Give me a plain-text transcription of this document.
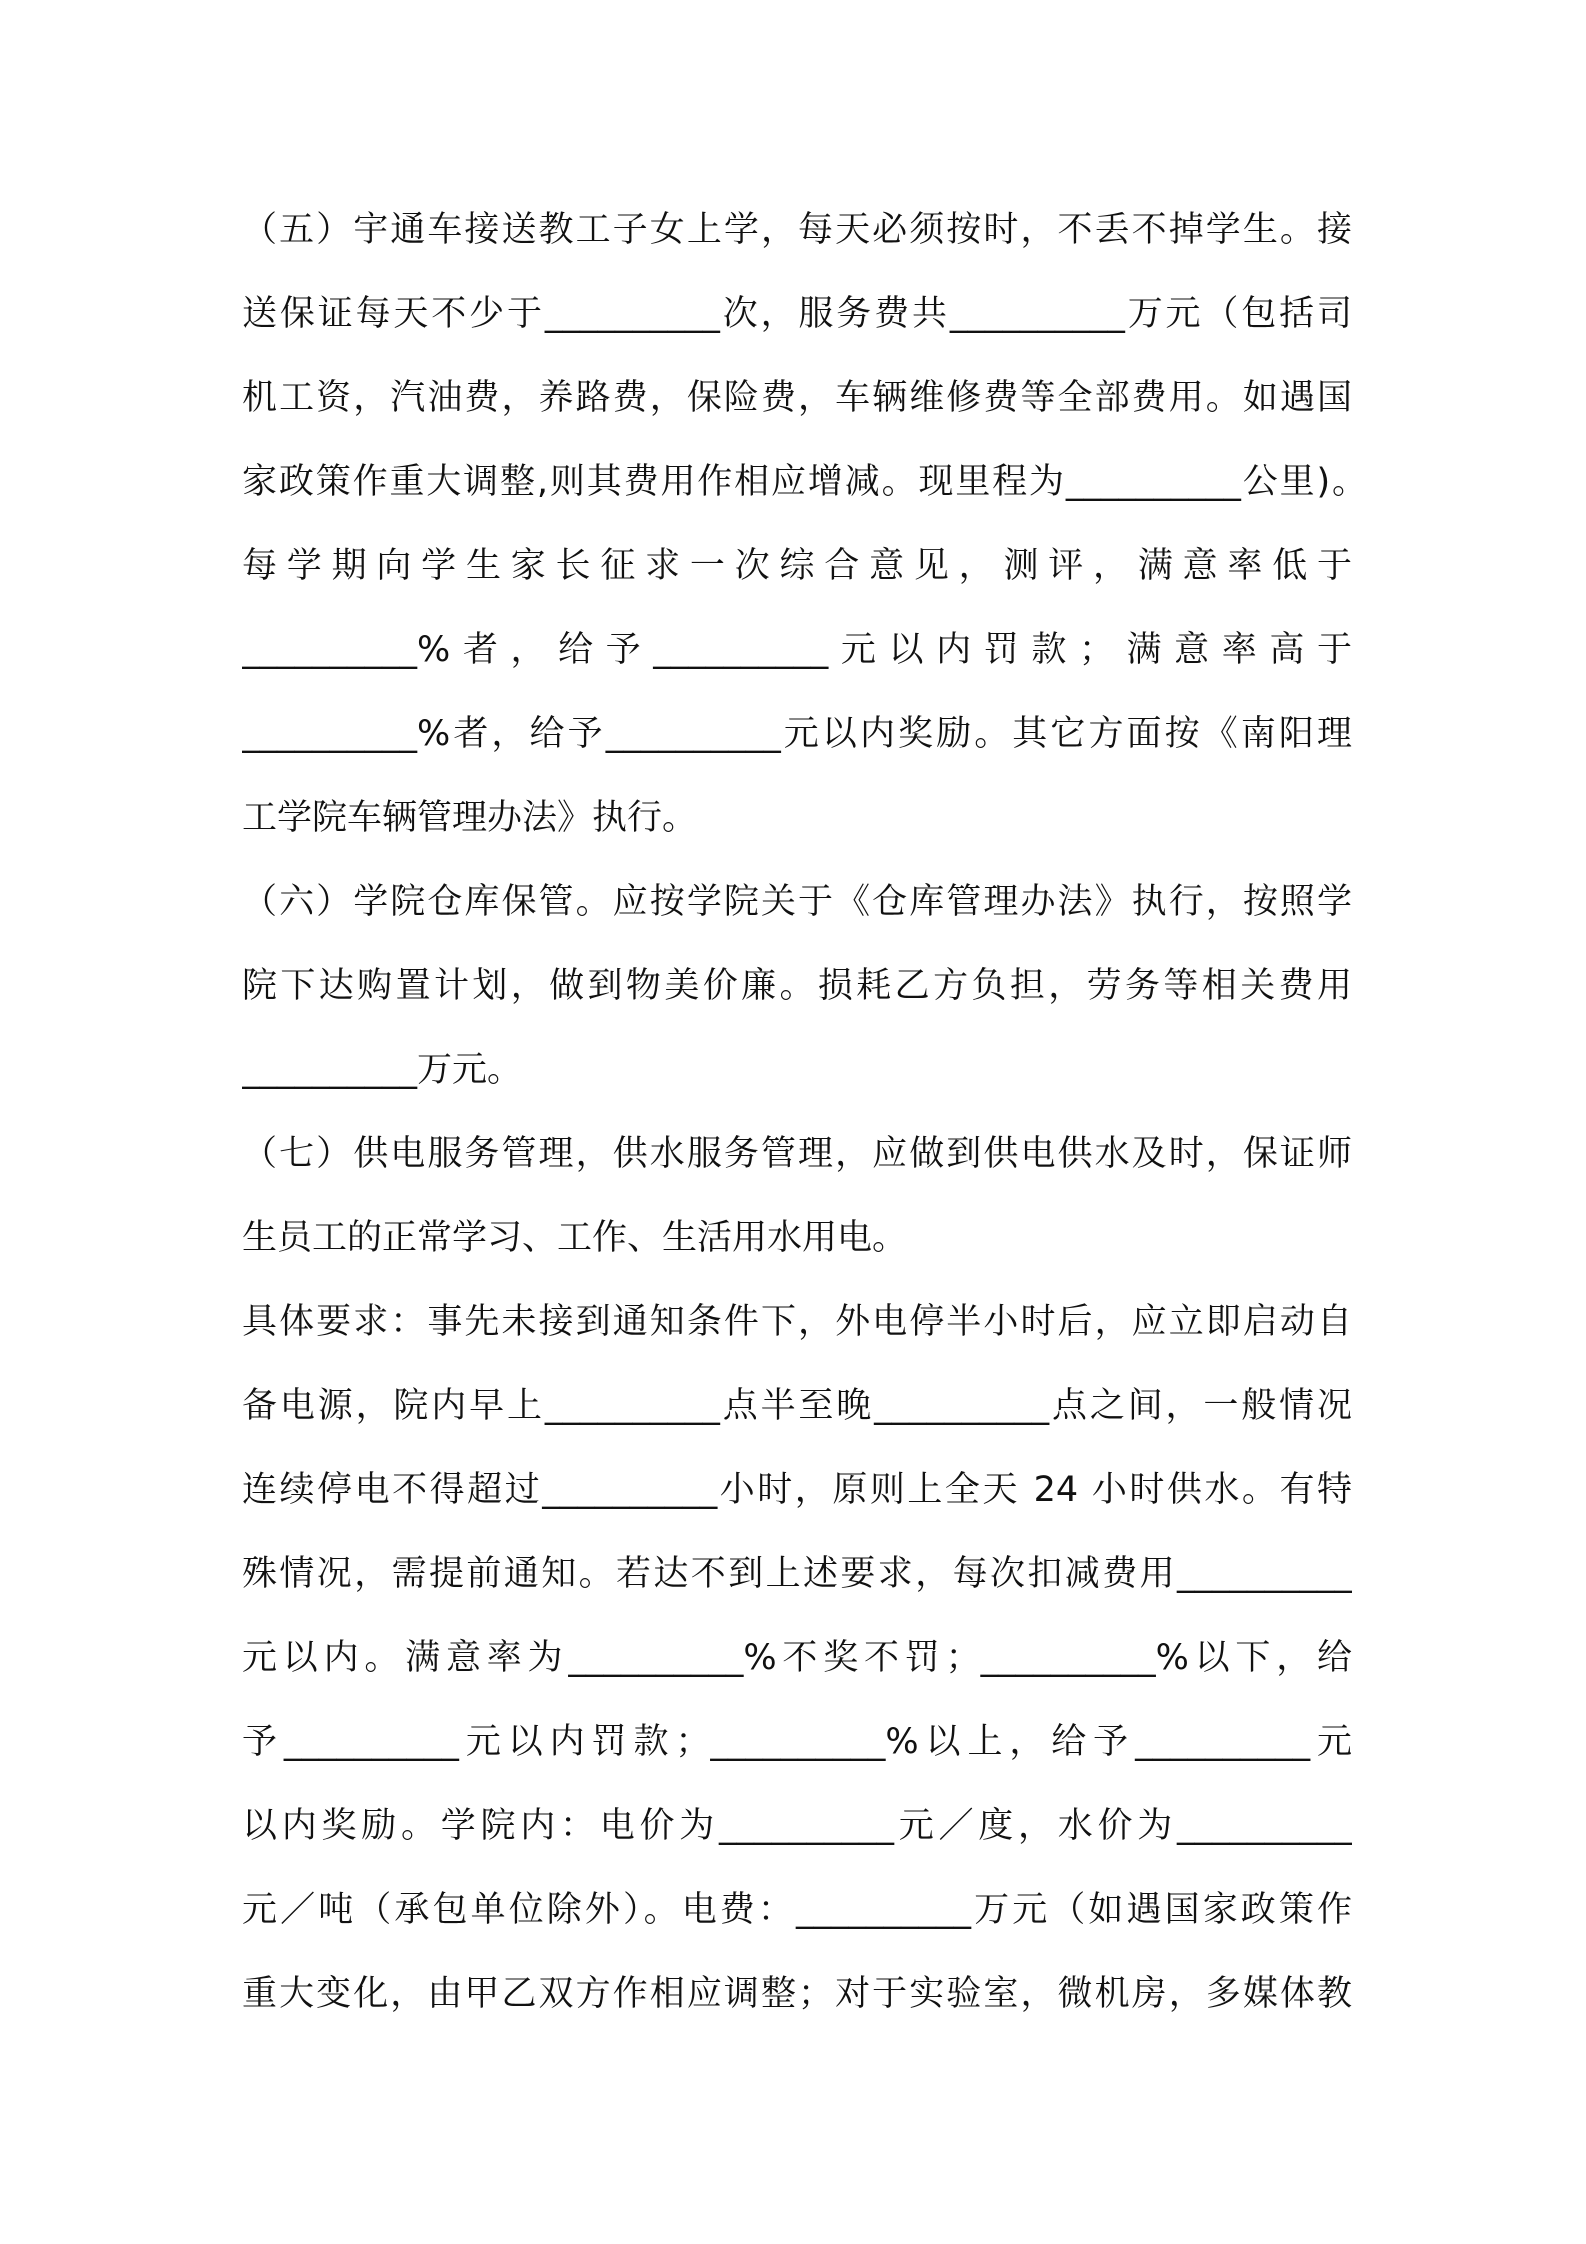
（五）宇通车接送教工子女上学，每天必须按时，不丢不掉学生。接
送保证每天不少于__________次，服务费共__________万元（包括司
机工资，汽油费，养路费，保险费，车辆维修费等全部费用。如遇国
家政策作重大调整,则其费用作相应增减。现里程为__________公里)。
每学期向学生家长征求一次综合意见，测评，满意率低于
__________%者，给予__________元以内罚款；满意率高于
__________%者，给予__________元以内奖励。其它方面按《南阳理
工学院车辆管理办法》执行。
（六）学院仓库保管。应按学院关于《仓库管理办法》执行，按照学
院下达购置计划，做到物美价廉。损耗乙方负担，劳务等相关费用
__________万元。
（七）供电服务管理，供水服务管理，应做到供电供水及时，保证师
生员工的正常学习、工作、生活用水用电。
具体要求：事先未接到通知条件下，外电停半小时后，应立即启动自
备电源，院内早上__________点半至晚__________点之间，一般情况
连续停电不得超过__________小时，原则上全天 24 小时供水。有特
殊情况，需提前通知。若达不到上述要求，每次扣减费用__________
元以内。满意率为__________%不奖不罚；__________%以下，给
予__________元以内罚款；__________%以上，给予__________元
以内奖励。学院内：电价为__________元／度，水价为__________
元／吨（承包单位除外）。电费：__________万元（如遇国家政策作
重大变化，由甲乙双方作相应调整；对于实验室，微机房，多媒体教
